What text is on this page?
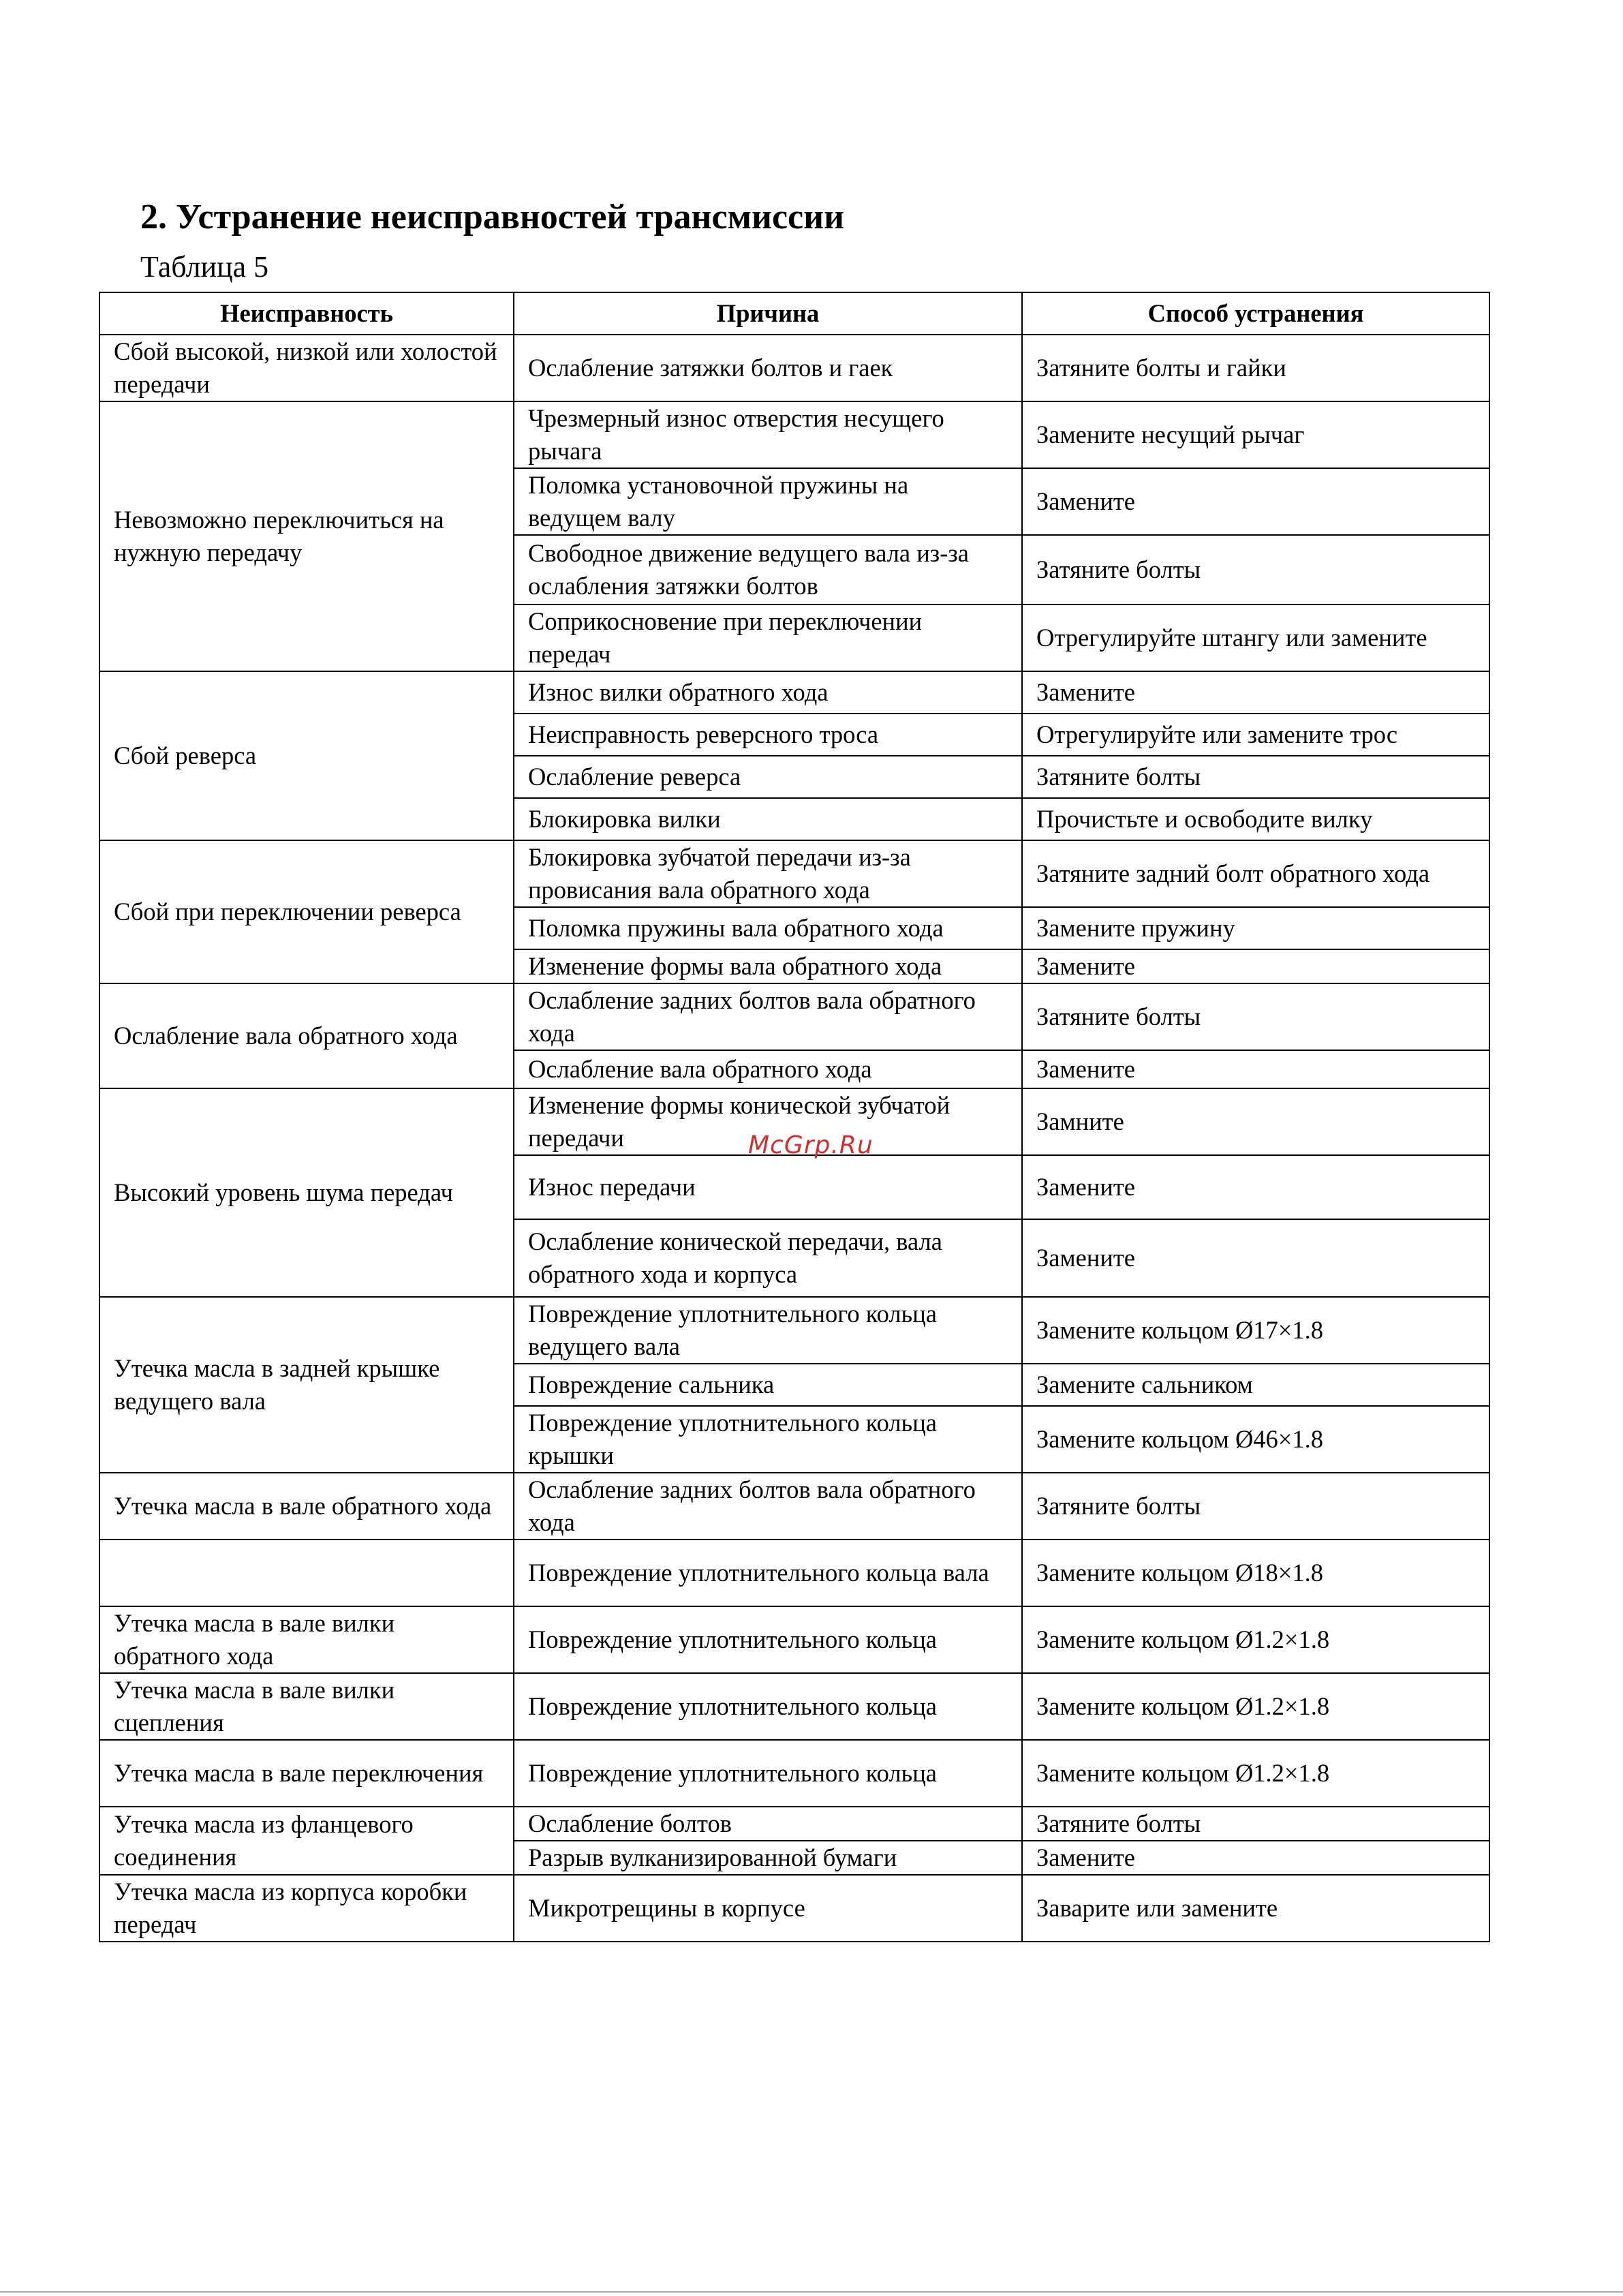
2. Устранение неисправностей трансмиссии
Таблица 5
Неисправность	Причина	Способ устранения
Сбой высокой, низкой или холостой передачи	Ослабление затяжки болтов и гаек	Затяните болты и гайки
Невозможно переключиться на нужную передачу	Чрезмерный износ отверстия несущего рычага	Замените несущий рычаг
	Поломка установочной пружины на ведущем валу	Замените
	Свободное движение ведущего вала из-за ослабления затяжки болтов	Затяните болты
	Соприкосновение при переключении передач	Отрегулируйте штангу или замените
Сбой реверса	Износ вилки обратного хода	Замените
	Неисправность реверсного троса	Отрегулируйте или замените трос
	Ослабление реверса	Затяните болты
	Блокировка вилки	Прочистьте и освободите вилку
Сбой при переключении реверса	Блокировка зубчатой передачи из-за провисания вала обратного хода	Затяните задний болт обратного хода
	Поломка пружины вала обратного хода	Замените пружину
	Изменение формы вала обратного хода	Замените
Ослабление вала обратного хода	Ослабление задних болтов вала обратного хода	Затяните болты
	Ослабление вала обратного хода	Замените
Высокий уровень шума передач	Изменение формы конической зубчатой передачи	Замните
	Износ передачи	Замените
	Ослабление конической передачи, вала обратного хода и корпуса	Замените
Утечка масла в задней крышке ведущего вала	Повреждение уплотнительного кольца ведущего вала	Замените кольцом Ø17×1.8
	Повреждение сальника	Замените сальником
	Повреждение уплотнительного кольца крышки	Замените кольцом Ø46×1.8
Утечка масла в вале обратного хода	Ослабление задних болтов вала обратного хода	Затяните болты
	Повреждение уплотнительного кольца вала	Замените кольцом Ø18×1.8
Утечка масла в вале вилки обратного хода	Повреждение уплотнительного кольца	Замените кольцом Ø1.2×1.8
Утечка масла в вале вилки сцепления	Повреждение уплотнительного кольца	Замените кольцом Ø1.2×1.8
Утечка масла в вале переключения	Повреждение уплотнительного кольца	Замените кольцом Ø1.2×1.8
Утечка масла из фланцевого соединения	Ослабление болтов	Затяните болты
	Разрыв вулканизированной бумаги	Замените
Утечка масла из корпуса коробки передач	Микротрещины в корпусе	Заварите или замените
McGrp.Ru
